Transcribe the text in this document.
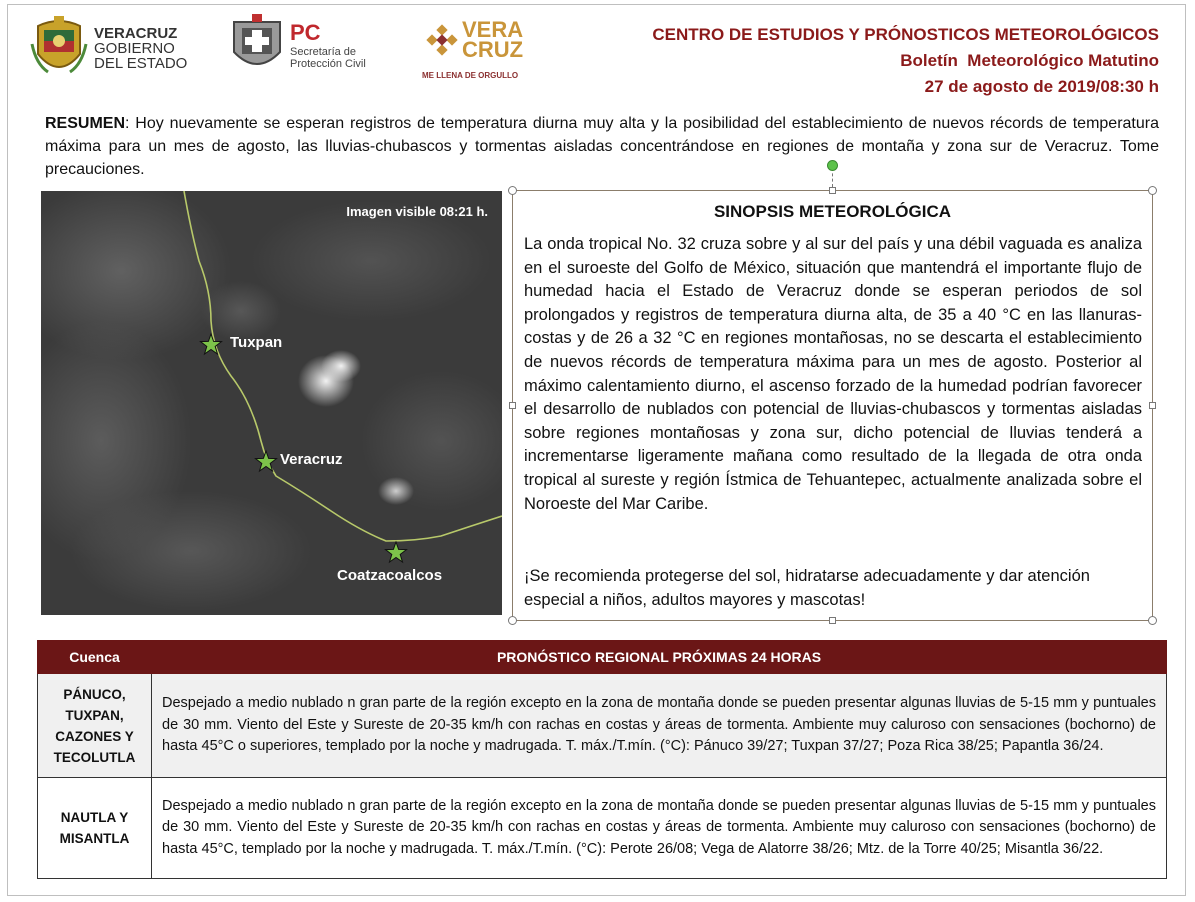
VERACRUZ
GOBIERNO
DEL ESTADO
PC
Secretaría de
Protección Civil
VERA
CRUZ
ME LLENA DE ORGULLO
CENTRO DE ESTUDIOS Y PRÓNOSTICOS METEOROLÓGICOS
Boletín  Meteorológico Matutino
27 de agosto de 2019/08:30 h
RESUMEN: Hoy nuevamente se esperan registros de temperatura diurna muy alta y la posibilidad del establecimiento de nuevos récords de temperatura máxima para un mes de agosto, las lluvias-chubascos y tormentas aisladas concentrándose en regiones de montaña y zona sur de Veracruz. Tome precauciones.
Imagen visible 08:21 h.
Tuxpan
Veracruz
Coatzacoalcos
SINOPSIS METEOROLÓGICA
La onda tropical No. 32 cruza sobre y al sur del país y una débil vaguada es analiza en el suroeste del Golfo de México, situación que mantendrá el importante flujo de humedad hacia el Estado de Veracruz donde se esperan periodos de sol prolongados y registros de temperatura diurna alta, de 35 a 40 °C en las llanuras-costas y de 26 a 32 °C en regiones montañosas, no se descarta el establecimiento de nuevos récords de temperatura máxima para un mes de agosto. Posterior al máximo calentamiento diurno, el ascenso forzado de la humedad podrían favorecer el desarrollo de nublados con potencial de lluvias-chubascos y tormentas aisladas sobre regiones montañosas y zona sur, dicho potencial de lluvias tenderá a incrementarse ligeramente mañana como resultado de la llegada de otra onda tropical al sureste y región Ístmica de Tehuantepec, actualmente analizada sobre el Noroeste del Mar Caribe.
¡Se recomienda protegerse del sol, hidratarse adecuadamente y dar atención especial a niños, adultos mayores y mascotas!
Cuenca	PRONÓSTICO REGIONAL PRÓXIMAS 24 HORAS
PÁNUCO, TUXPAN, CAZONES Y TECOLUTLA	Despejado a medio nublado n gran parte de la región excepto en la zona de montaña donde se pueden presentar algunas lluvias de 5-15 mm y puntuales de 30 mm. Viento del Este y Sureste de 20-35 km/h con rachas en costas y áreas de tormenta. Ambiente muy caluroso con sensaciones (bochorno) de hasta 45°C o superiores, templado por la noche y madrugada. T. máx./T.mín. (°C): Pánuco 39/27; Tuxpan 37/27; Poza Rica 38/25; Papantla 36/24.
NAUTLA Y MISANTLA	Despejado a medio nublado n gran parte de la región excepto en la zona de montaña donde se pueden presentar algunas lluvias de 5-15 mm y puntuales de 30 mm. Viento del Este y Sureste de 20-35 km/h con rachas en costas y áreas de tormenta. Ambiente muy caluroso con sensaciones (bochorno) de hasta 45°C, templado por la noche y madrugada. T. máx./T.mín. (°C): Perote 26/08; Vega de Alatorre 38/26; Mtz. de la Torre 40/25; Misantla 36/22.
